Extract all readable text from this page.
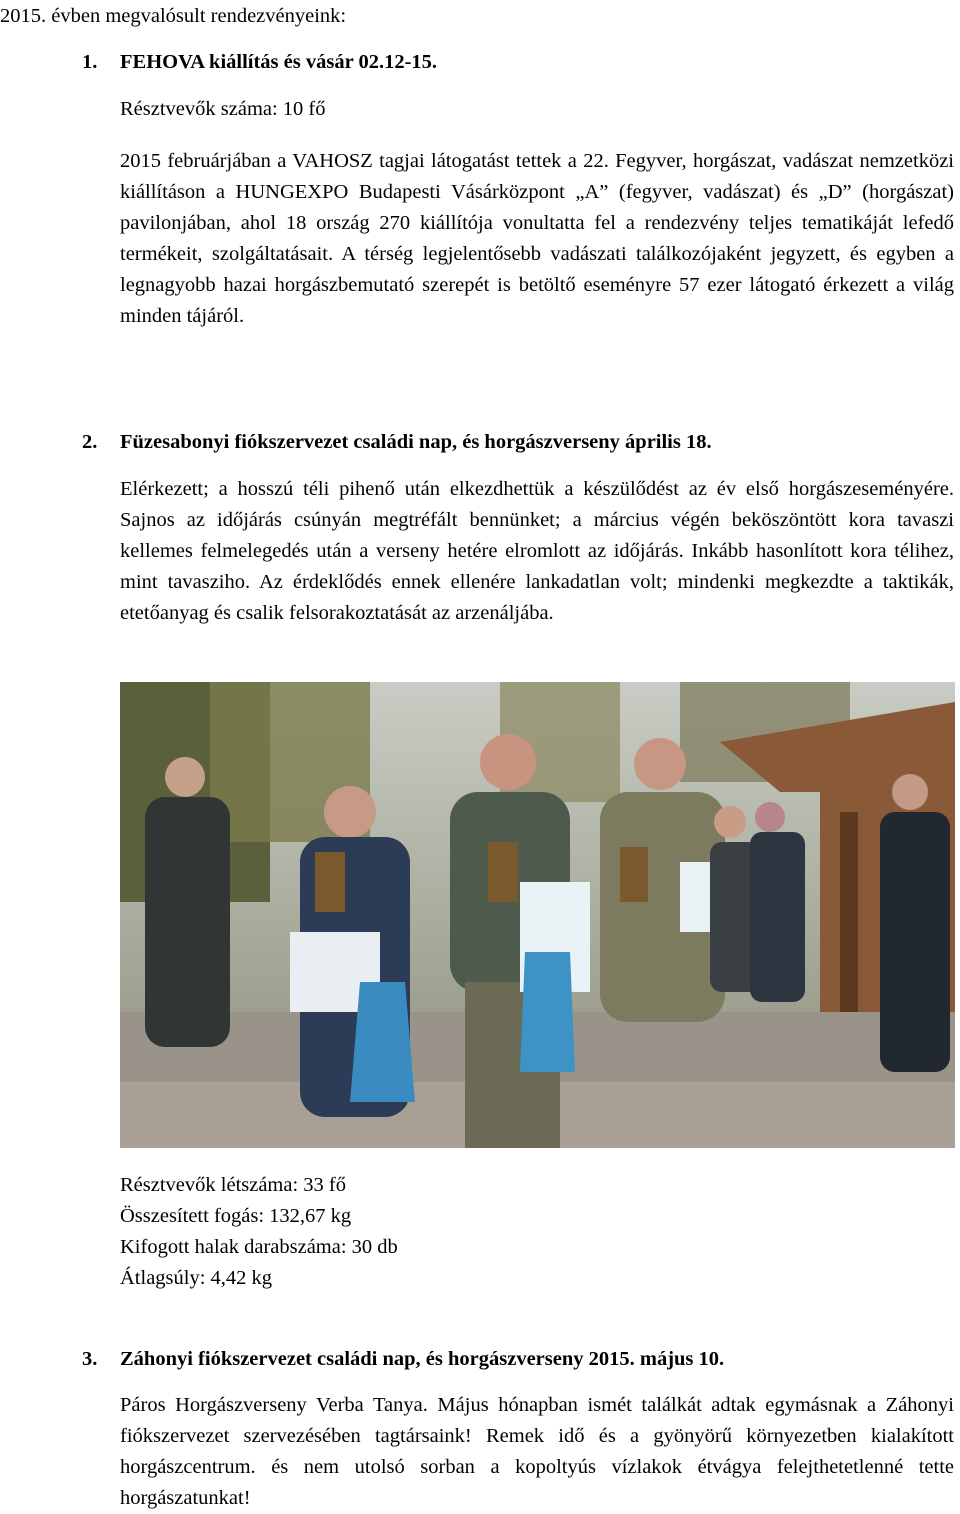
2015. évben megvalósult rendezvényeink:
1.	FEHOVA kiállítás és vásár 02.12-15.

Résztvevők száma: 10 fő

2015 februárjában a VAHOSZ tagjai látogatást tettek a 22. Fegyver, horgászat, vadászat nemzetközi kiállításon a HUNGEXPO Budapesti Vásárközpont „A” (fegyver, vadászat) és „D” (horgászat) pavilonjában, ahol 18 ország 270 kiállítója vonultatta fel a rendezvény teljes tematikáját lefedő termékeit, szolgáltatásait. A térség legjelentősebb vadászati találkozójaként jegyzett, és egyben a legnagyobb hazai horgászbemutató szerepét is betöltő eseményre 57 ezer látogató érkezett a világ minden tájáról.

2.	Füzesabonyi fiókszervezet családi nap, és horgászverseny április 18.

Elérkezett; a hosszú téli pihenő után elkezdhettük a készülődést az év első horgászeseményére. Sajnos az időjárás csúnyán megtréfált bennünket; a március végén beköszöntött kora tavaszi kellemes felmelegedés után a verseny hetére elromlott az időjárás. Inkább hasonlított kora télihez, mint tavasziho. Az érdeklődés ennek ellenére lankadatlan volt; mindenki megkezdte a taktikák, etetőanyag és csalik felsorakoztatását az arzenáljába.

Résztvevők létszáma: 33 fő

Összesített fogás: 132,67 kg

Kifogott halak darabszáma: 30 db

Átlagsúly: 4,42 kg

3.	Záhonyi fiókszervezet családi nap, és horgászverseny 2015. május 10.

Páros Horgászverseny Verba Tanya. Május hónapban ismét találkát adtak egymásnak a Záhonyi fiókszervezet szervezésében tagtársaink! Remek idő és a gyönyörű környezetben kialakított horgászcentrum. és nem utolsó sorban a kopoltyús vízlakok étvágya felejthetetlenné tette horgászatunkat!
